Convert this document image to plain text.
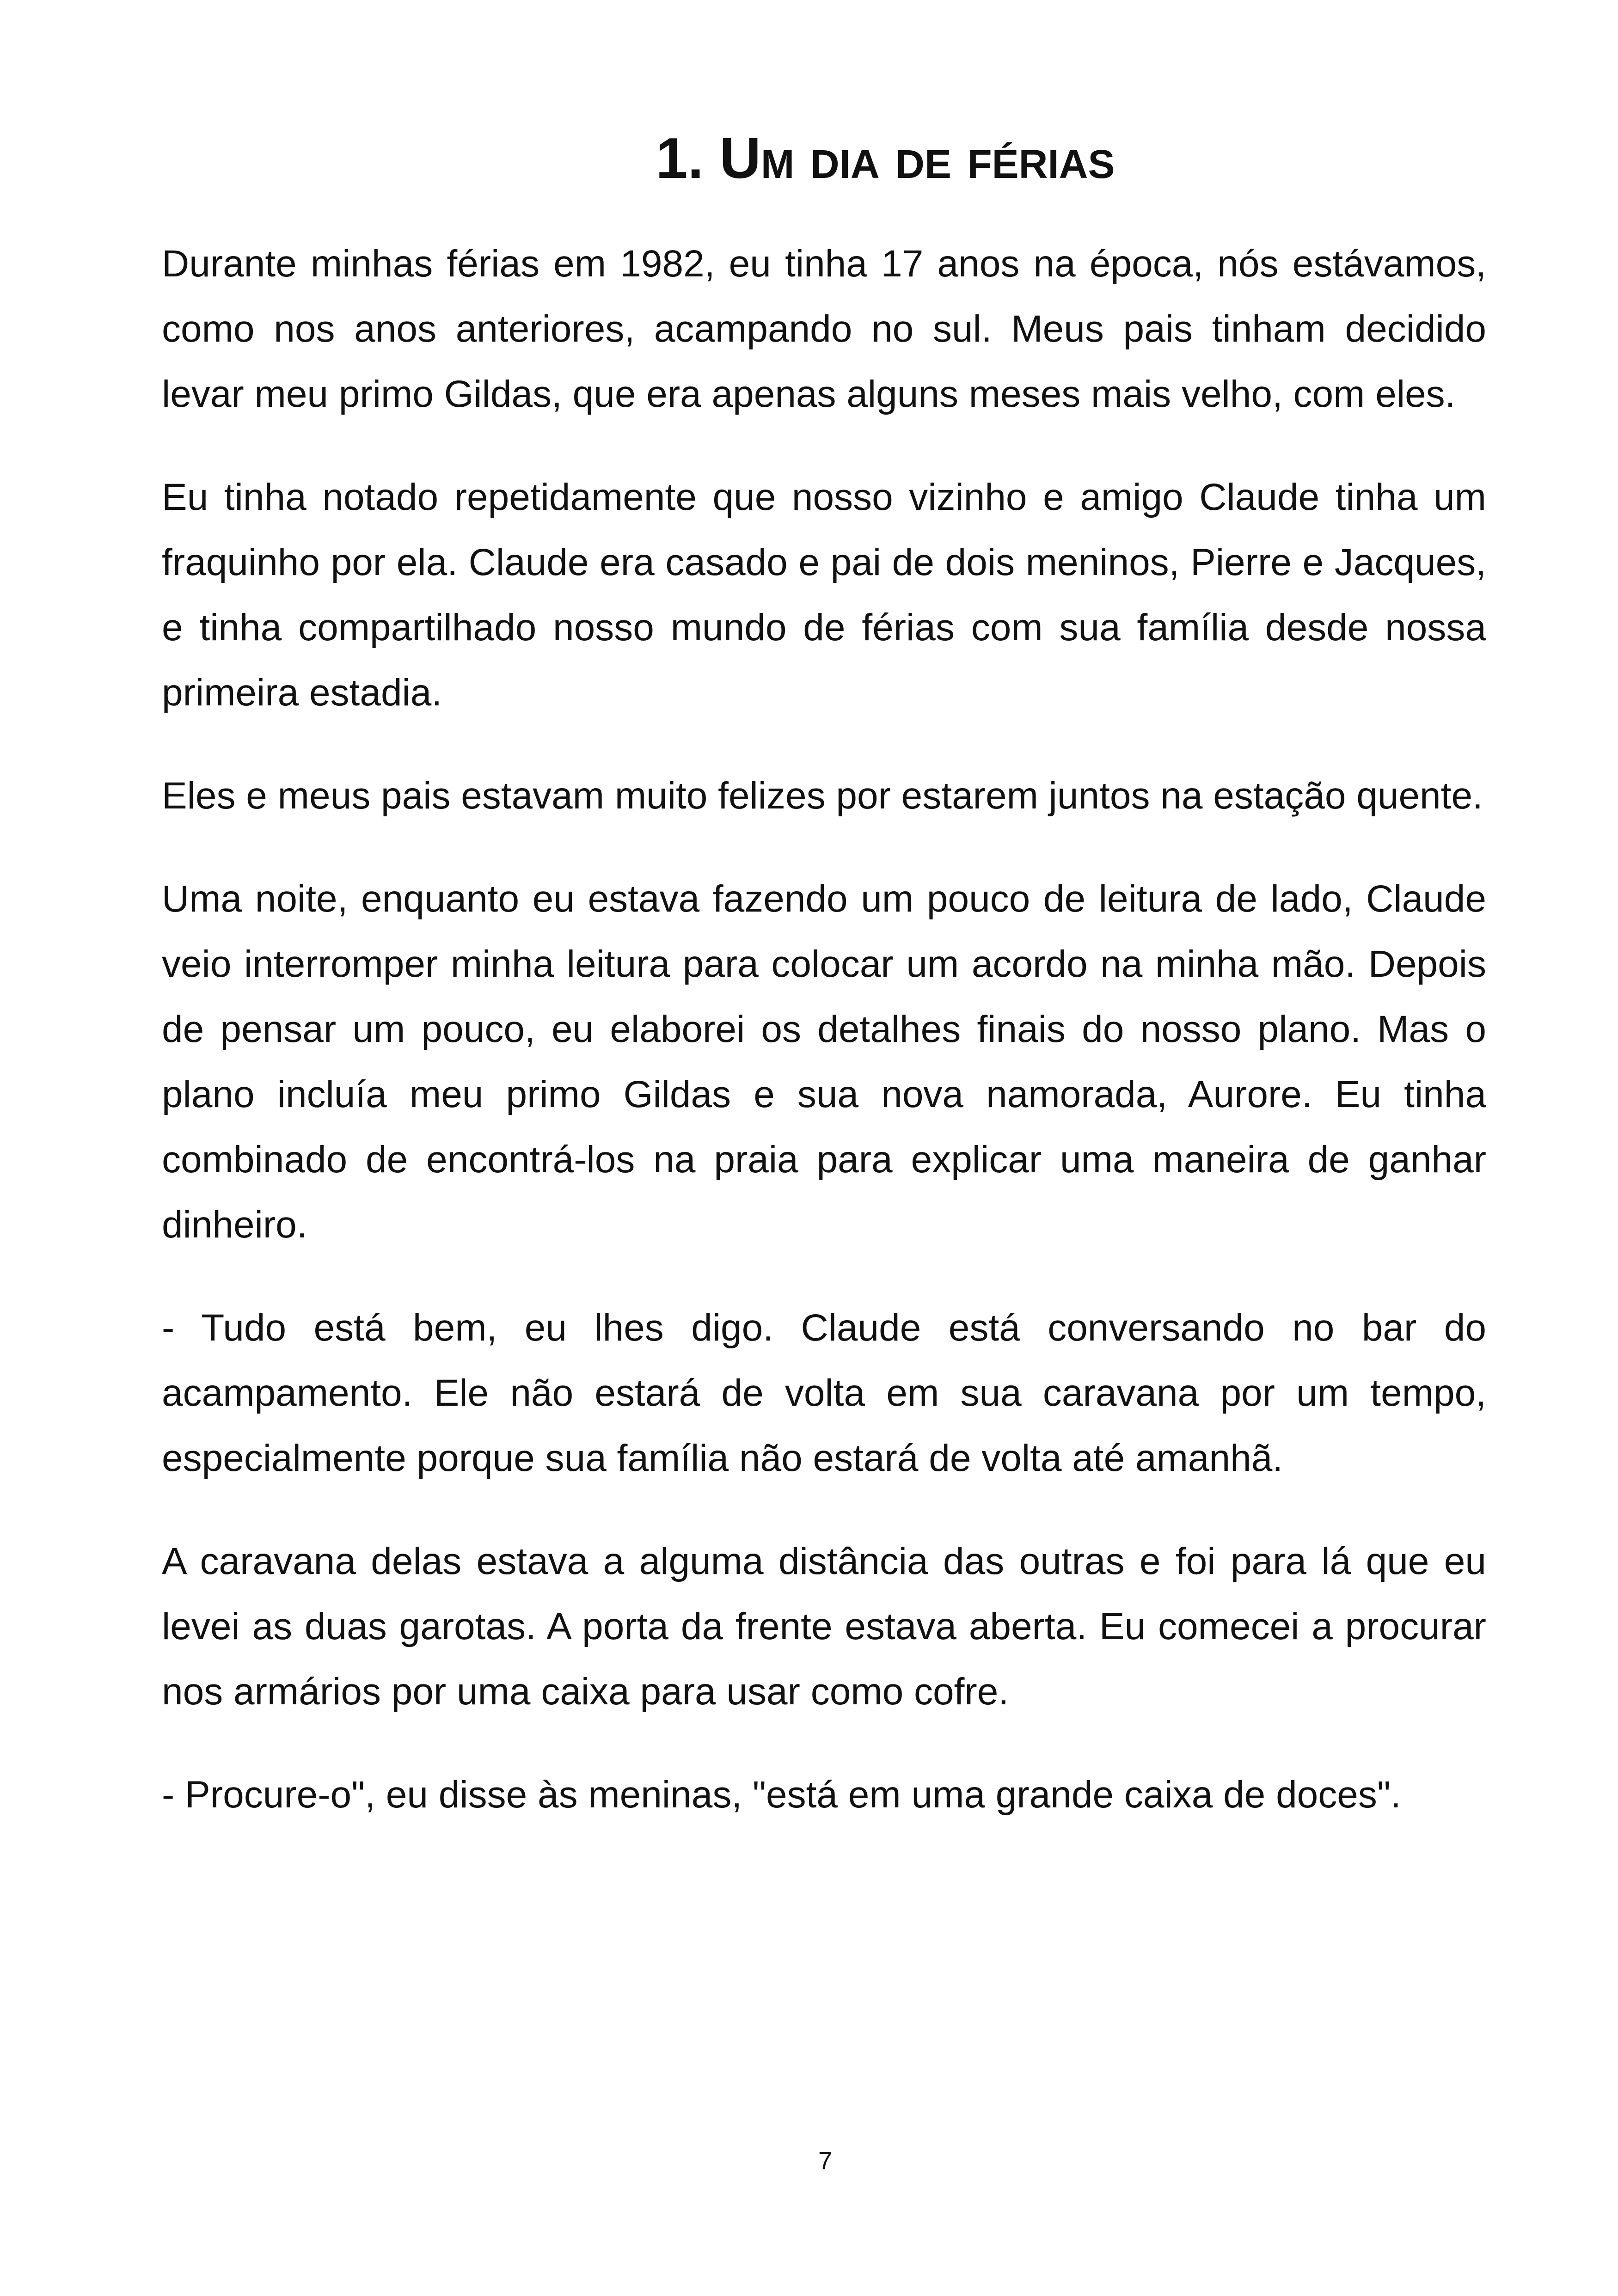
1. Um dia de férias

Durante minhas férias em 1982, eu tinha 17 anos na época, nós estávamos, como nos anos anteriores, acampando no sul. Meus pais tinham decidido levar meu primo Gildas, que era apenas alguns meses mais velho, com eles.

Eu tinha notado repetidamente que nosso vizinho e amigo Claude tinha um fraquinho por ela. Claude era casado e pai de dois meninos, Pierre e Jacques, e tinha compartilhado nosso mundo de férias com sua família desde nossa primeira estadia.

Eles e meus pais estavam muito felizes por estarem juntos na estação quente.

Uma noite, enquanto eu estava fazendo um pouco de leitura de lado, Claude veio interromper minha leitura para colocar um acordo na minha mão. Depois de pensar um pouco, eu elaborei os detalhes finais do nosso plano. Mas o plano incluía meu primo Gildas e sua nova namorada, Aurore. Eu tinha combinado de encontrá-los na praia para explicar uma maneira de ganhar dinheiro.

- Tudo está bem, eu lhes digo. Claude está conversando no bar do acampamento. Ele não estará de volta em sua caravana por um tempo, especialmente porque sua família não estará de volta até amanhã.

A caravana delas estava a alguma distância das outras e foi para lá que eu levei as duas garotas. A porta da frente estava aberta. Eu comecei a procurar nos armários por uma caixa para usar como cofre.

- Procure-o", eu disse às meninas, "está em uma grande caixa de doces".

7
